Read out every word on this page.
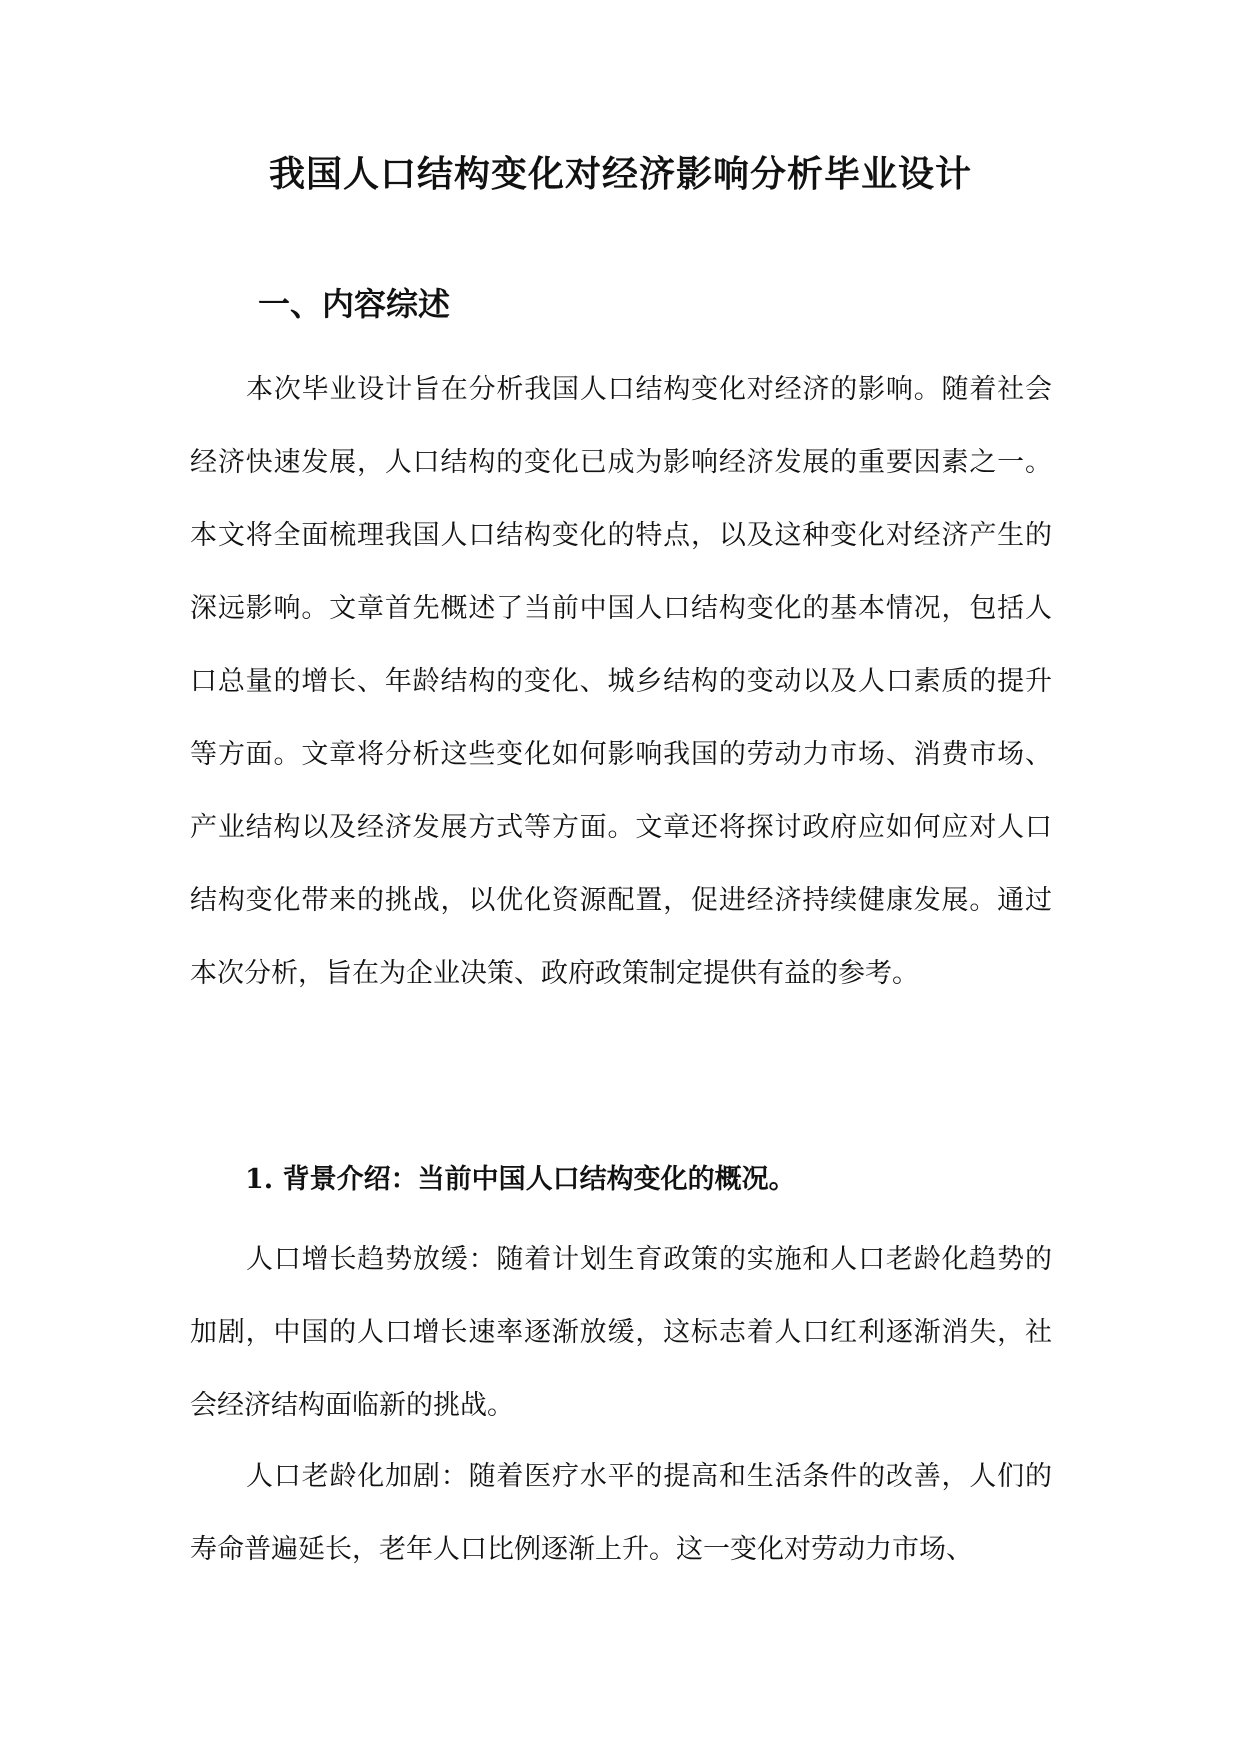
我国人口结构变化对经济影响分析毕业设计
一、内容综述

本次毕业设计旨在分析我国人口结构变化对经济的影响。随着社会经济快速发展，人口结构的变化已成为影响经济发展的重要因素之一。本文将全面梳理我国人口结构变化的特点，以及这种变化对经济产生的深远影响。文章首先概述了当前中国人口结构变化的基本情况，包括人口总量的增长、年龄结构的变化、城乡结构的变动以及人口素质的提升等方面。文章将分析这些变化如何影响我国的劳动力市场、消费市场、产业结构以及经济发展方式等方面。文章还将探讨政府应如何应对人口结构变化带来的挑战，以优化资源配置，促进经济持续健康发展。通过本次分析，旨在为企业决策、政府政策制定提供有益的参考。

1. 背景介绍：当前中国人口结构变化的概况。

人口增长趋势放缓：随着计划生育政策的实施和人口老龄化趋势的加剧，中国的人口增长速率逐渐放缓，这标志着人口红利逐渐消失，社会经济结构面临新的挑战。

人口老龄化加剧：随着医疗水平的提高和生活条件的改善，人们的寿命普遍延长，老年人口比例逐渐上升。这一变化对劳动力市场、
